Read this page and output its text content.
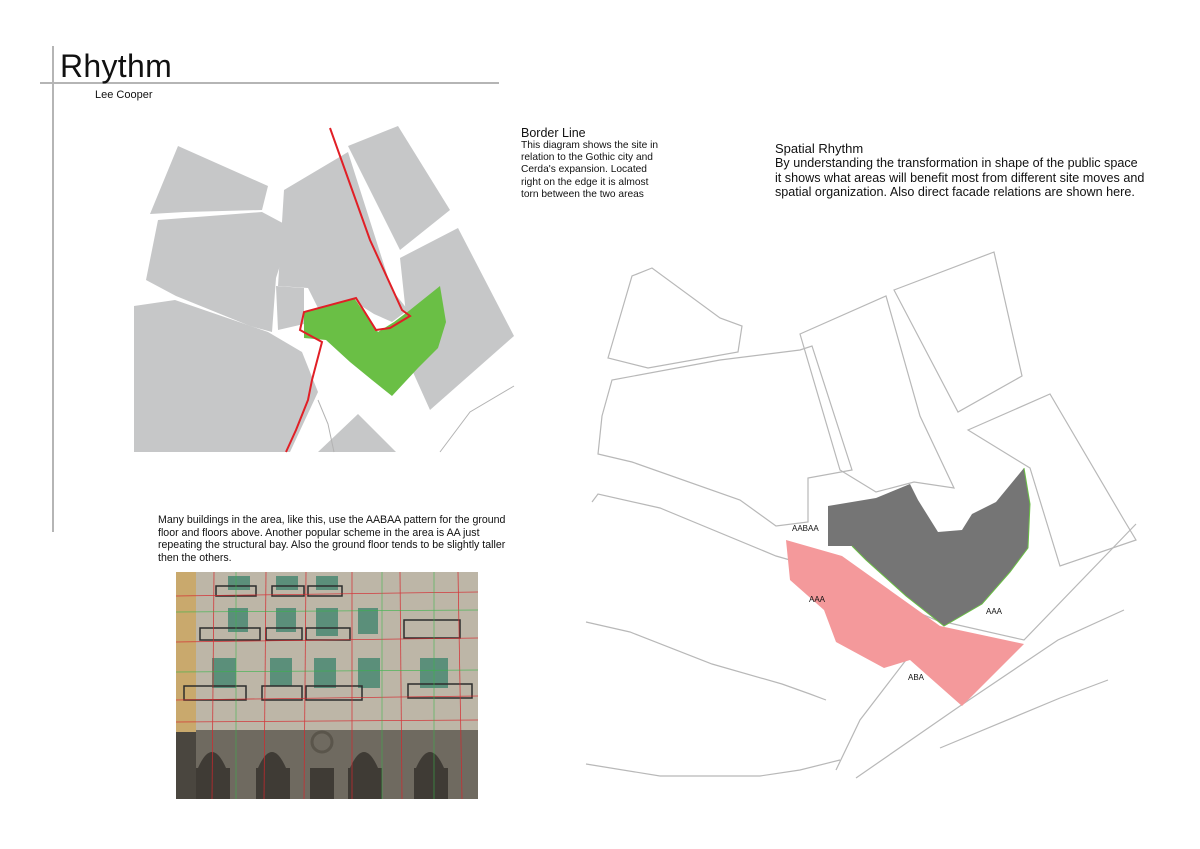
Rhythm
Lee Cooper
Border Line
This diagram shows the site in relation to the Gothic city and Cerda's expansion. Located right on the edge it is almost torn between the two areas
Spatial Rhythm
By understanding the transformation in shape of the public space it shows what areas will benefit most from different site moves and spatial organization. Also direct facade relations are shown here.
Many buildings in the area, like this, use the AABAA pattern for the ground floor and floors above. Another popular scheme in the area is AA just repeating the structural bay. Also the ground floor tends to be slightly taller then the others.
AABAA
AAA
AAA
ABA
